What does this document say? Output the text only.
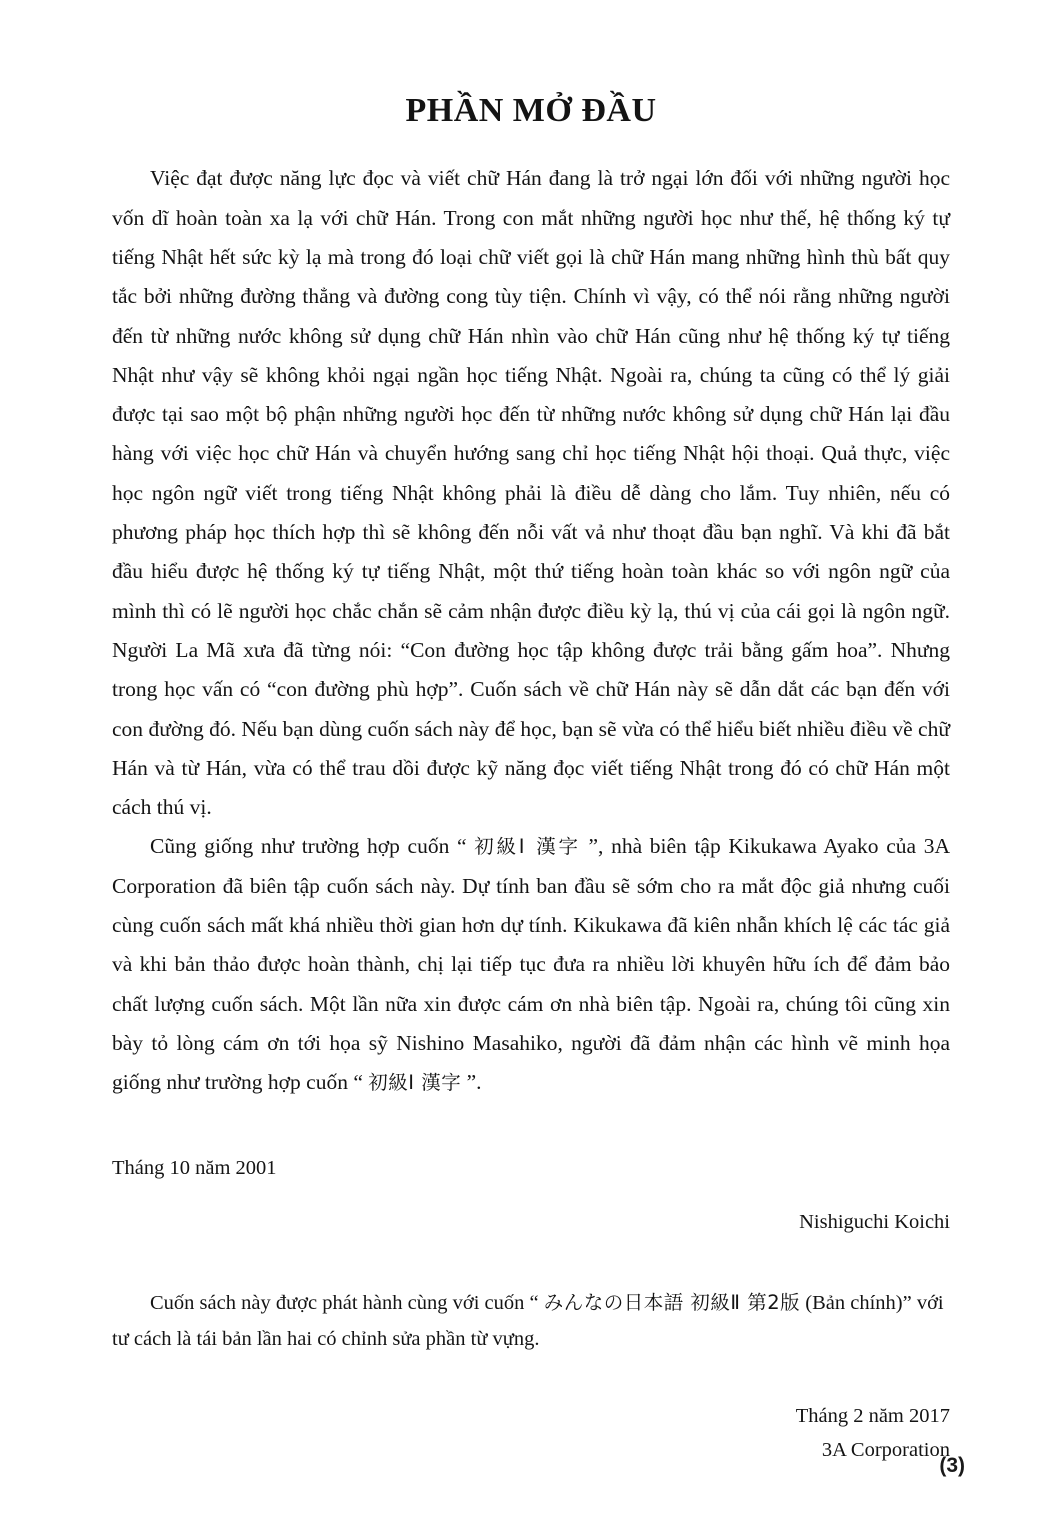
PHẦN MỞ ĐẦU

Việc đạt được năng lực đọc và viết chữ Hán đang là trở ngại lớn đối với những người học vốn dĩ hoàn toàn xa lạ với chữ Hán. Trong con mắt những người học như thế, hệ thống ký tự tiếng Nhật hết sức kỳ lạ mà trong đó loại chữ viết gọi là chữ Hán mang những hình thù bất quy tắc bởi những đường thẳng và đường cong tùy tiện. Chính vì vậy, có thể nói rằng những người đến từ những nước không sử dụng chữ Hán nhìn vào chữ Hán cũng như hệ thống ký tự tiếng Nhật như vậy sẽ không khỏi ngại ngần học tiếng Nhật. Ngoài ra, chúng ta cũng có thể lý giải được tại sao một bộ phận những người học đến từ những nước không sử dụng chữ Hán lại đầu hàng với việc học chữ Hán và chuyển hướng sang chỉ học tiếng Nhật hội thoại. Quả thực, việc học ngôn ngữ viết trong tiếng Nhật không phải là điều dễ dàng cho lắm. Tuy nhiên, nếu có phương pháp học thích hợp thì sẽ không đến nỗi vất vả như thoạt đầu bạn nghĩ. Và khi đã bắt đầu hiểu được hệ thống ký tự tiếng Nhật, một thứ tiếng hoàn toàn khác so với ngôn ngữ của mình thì có lẽ người học chắc chắn sẽ cảm nhận được điều kỳ lạ, thú vị của cái gọi là ngôn ngữ. Người La Mã xưa đã từng nói: “Con đường học tập không được trải bằng gấm hoa”. Nhưng trong học vấn có “con đường phù hợp”. Cuốn sách về chữ Hán này sẽ dẫn dắt các bạn đến với con đường đó. Nếu bạn dùng cuốn sách này để học, bạn sẽ vừa có thể hiểu biết nhiều điều về chữ Hán và từ Hán, vừa có thể trau dồi được kỹ năng đọc viết tiếng Nhật trong đó có chữ Hán một cách thú vị.

Cũng giống như trường hợp cuốn “ 初級Ⅰ 漢字 ”, nhà biên tập Kikukawa Ayako của 3A Corporation đã biên tập cuốn sách này. Dự tính ban đầu sẽ sớm cho ra mắt độc giả nhưng cuối cùng cuốn sách mất khá nhiều thời gian hơn dự tính. Kikukawa đã kiên nhẫn khích lệ các tác giả và khi bản thảo được hoàn thành, chị lại tiếp tục đưa ra nhiều lời khuyên hữu ích để đảm bảo chất lượng cuốn sách. Một lần nữa xin được cám ơn nhà biên tập. Ngoài ra, chúng tôi cũng xin bày tỏ lòng cám ơn tới họa sỹ Nishino Masahiko, người đã đảm nhận các hình vẽ minh họa giống như trường hợp cuốn “ 初級Ⅰ 漢字 ”.

Tháng 10 năm 2001
Nishiguchi Koichi

Cuốn sách này được phát hành cùng với cuốn “ みんなの日本語 初級Ⅱ 第2版 (Bản chính)” với tư cách là tái bản lần hai có chỉnh sửa phần từ vựng.

Tháng 2 năm 2017
3A Corporation
(3)
